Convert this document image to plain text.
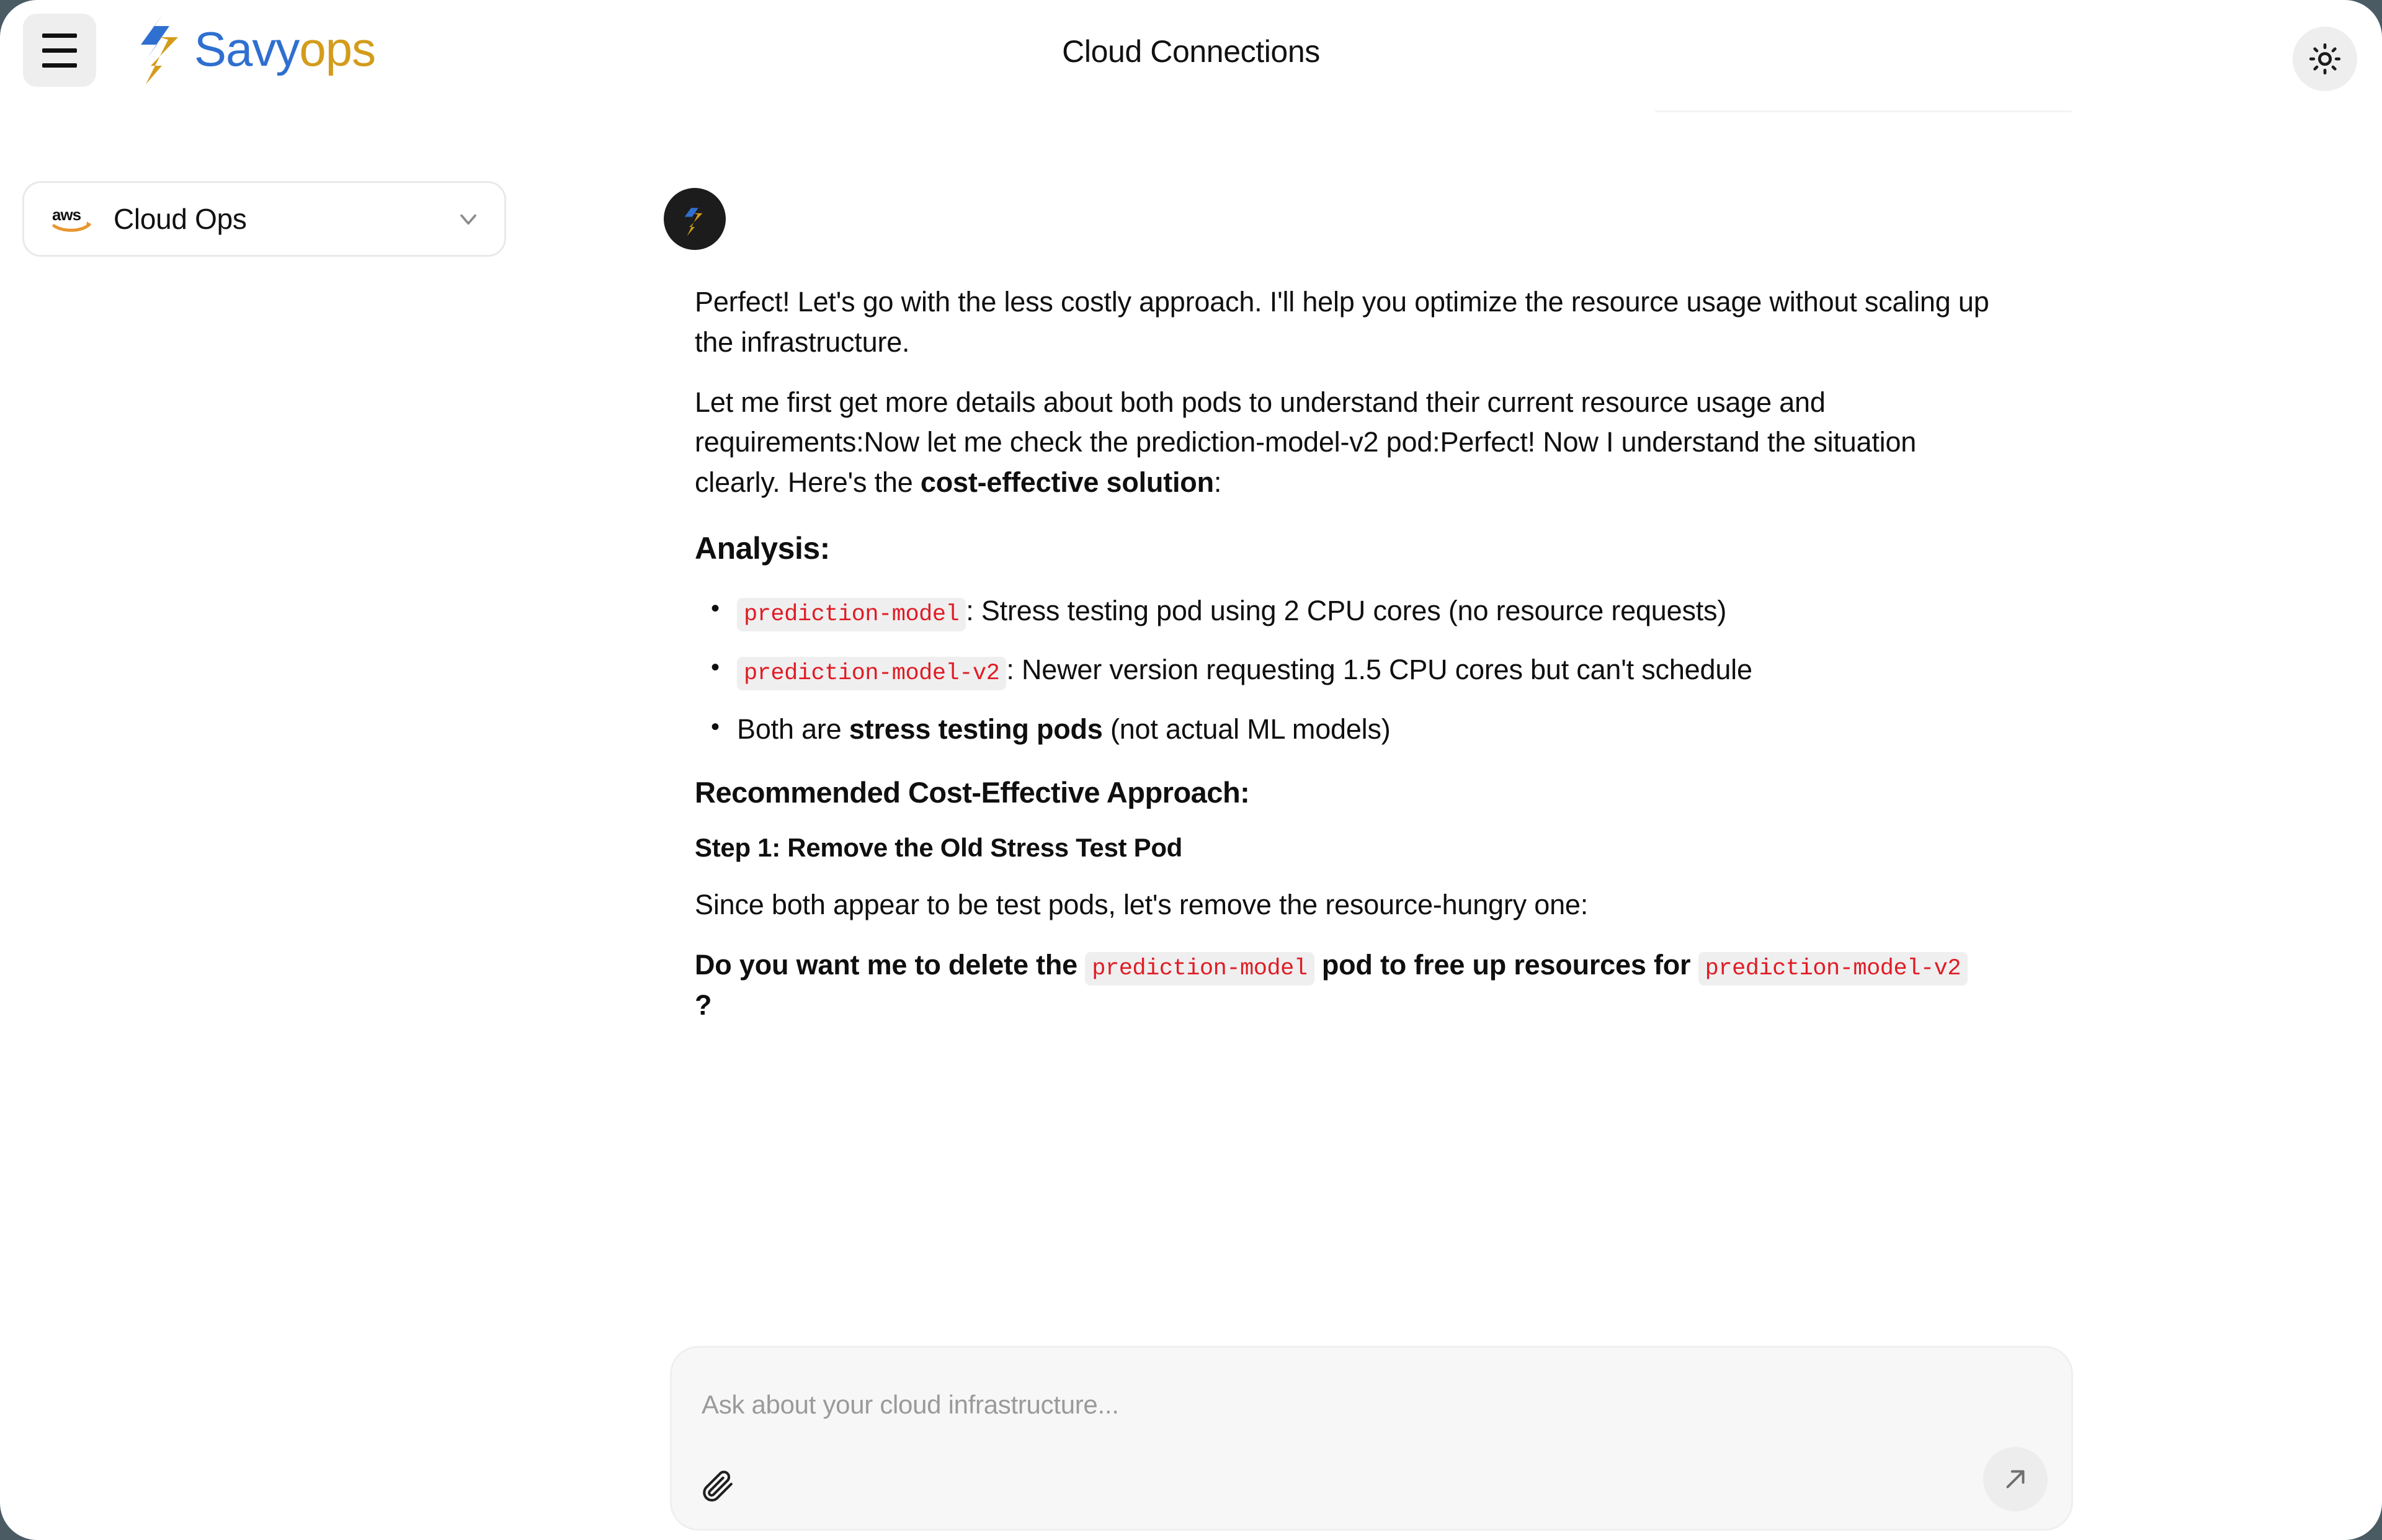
Savyops	Cloud Connections
aws Cloud Ops

Perfect! Let's go with the less costly approach. I'll help you optimize the resource usage without scaling up the infrastructure.

Let me first get more details about both pods to understand their current resource usage and requirements:Now let me check the prediction-model-v2 pod:Perfect! Now I understand the situation clearly. Here's the cost-effective solution:

Analysis:
• prediction-model : Stress testing pod using 2 CPU cores (no resource requests)
• prediction-model-v2 : Newer version requesting 1.5 CPU cores but can't schedule
• Both are stress testing pods (not actual ML models)
Recommended Cost-Effective Approach:
Step 1: Remove the Old Stress Test Pod

Since both appear to be test pods, let's remove the resource-hungry one:

Do you want me to delete the prediction-model pod to free up resources for prediction-model-v2 ?

Ask about your cloud infrastructure...
